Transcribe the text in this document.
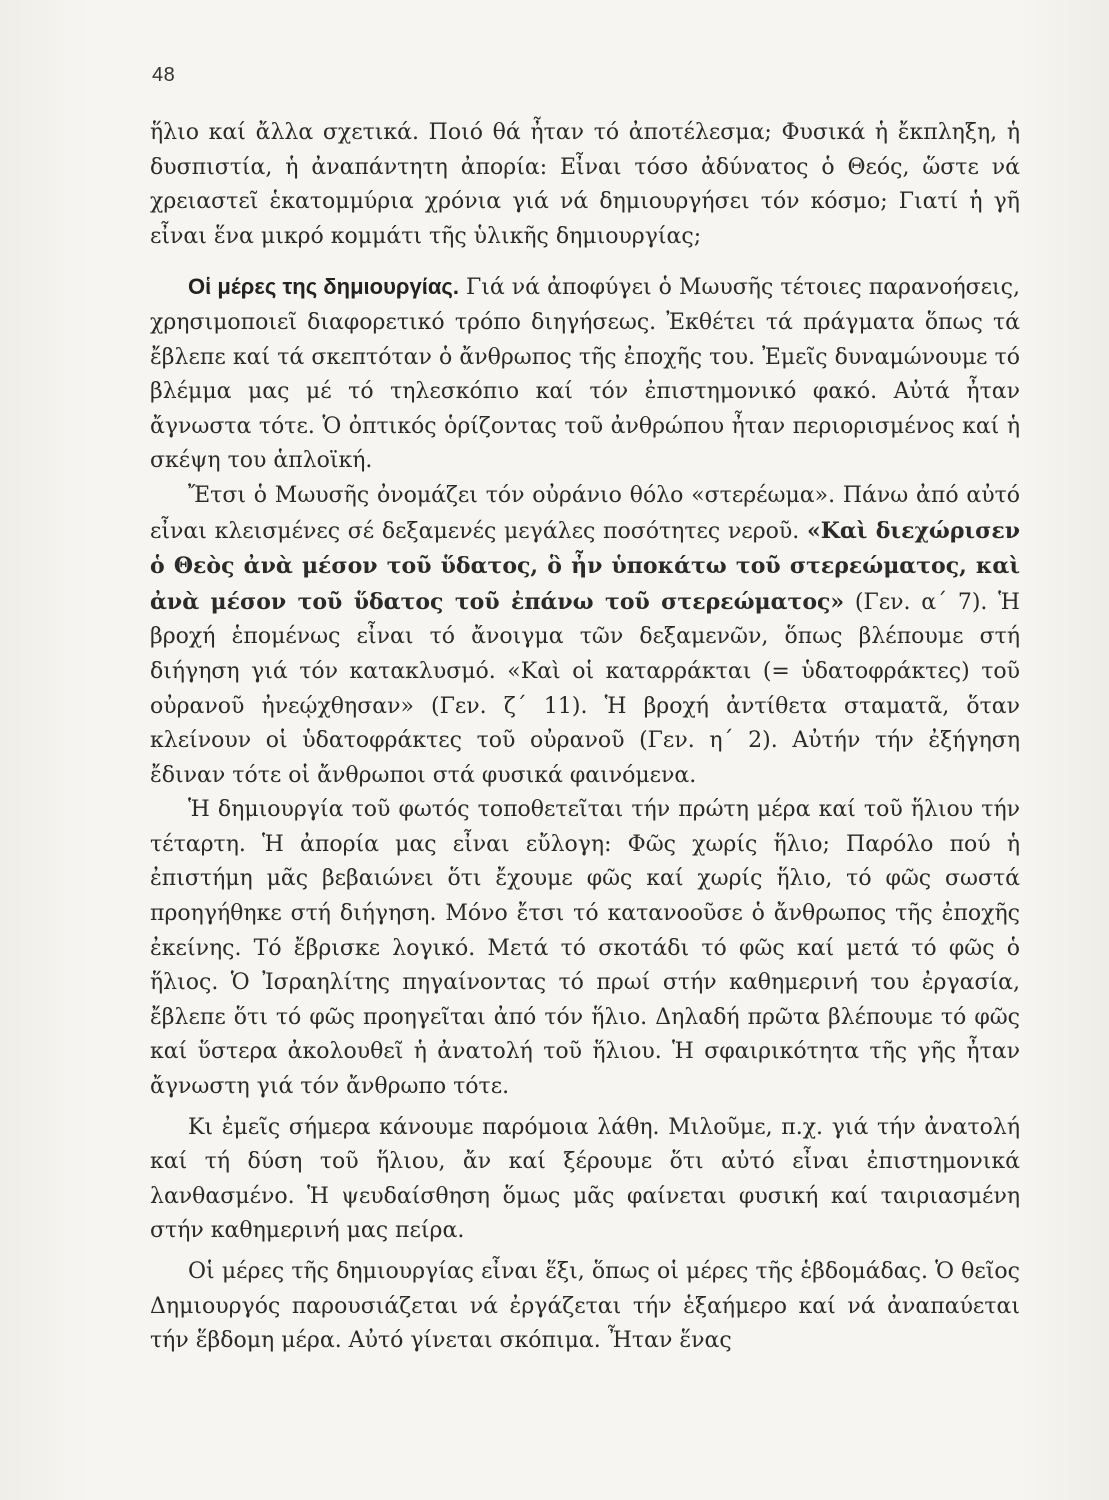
48

ἥλιο καί ἄλλα σχετικά. Ποιό θά ἦταν τό ἀποτέλεσμα; Φυσικά ἡ ἔκπληξη, ἡ δυσπιστία, ἡ ἀναπάντητη ἀπορία: Εἶναι τόσο ἀδύνατος ὁ Θεός, ὥστε νά χρειαστεῖ ἑκατομμύρια χρόνια γιά νά δημιουργήσει τόν κόσμο; Γιατί ἡ γῆ εἶναι ἕνα μικρό κομμάτι τῆς ὑλικῆς δημιουργίας;

Οἱ μέρες της δημιουργίας. Γιά νά ἀποφύγει ὁ Μωυσῆς τέτοιες παρανοήσεις, χρησιμοποιεῖ διαφορετικό τρόπο διηγήσεως. Ἐκθέτει τά πράγματα ὅπως τά ἔβλεπε καί τά σκεπτόταν ὁ ἄνθρωπος τῆς ἐποχῆς του. Ἐμεῖς δυναμώνουμε τό βλέμμα μας μέ τό τηλεσκόπιο καί τόν ἐπιστημονικό φακό. Αὐτά ἦταν ἄγνωστα τότε. Ὁ ὀπτικός ὁρίζοντας τοῦ ἀνθρώπου ἦταν περιορισμένος καί ἡ σκέψη του ἁπλοϊκή.

Ἔτσι ὁ Μωυσῆς ὀνομάζει τόν οὐράνιο θόλο «στερέωμα». Πάνω ἀπό αὐτό εἶναι κλεισμένες σέ δεξαμενές μεγάλες ποσότητες νεροῦ. «Καὶ διεχώρισεν ὁ Θεὸς ἀνὰ μέσον τοῦ ὕδατος, ὃ ἦν ὑποκάτω τοῦ στερεώματος, καὶ ἀνὰ μέσον τοῦ ὕδατος τοῦ ἐπάνω τοῦ στερεώματος» (Γεν. α΄ 7). Ἡ βροχή ἑπομένως εἶναι τό ἄνοιγμα τῶν δεξαμενῶν, ὅπως βλέπουμε στή διήγηση γιά τόν κατακλυσμό. «Καὶ οἱ καταρράκται (= ὑδατοφράκτες) τοῦ οὐρανοῦ ἠνεῴχθησαν» (Γεν. ζ΄ 11). Ἡ βροχή ἀντίθετα σταματᾶ, ὅταν κλείνουν οἱ ὑδατοφράκτες τοῦ οὐρανοῦ (Γεν. η΄ 2). Αὐτήν τήν ἐξήγηση ἔδιναν τότε οἱ ἄνθρωποι στά φυσικά φαινόμενα.

Ἡ δημιουργία τοῦ φωτός τοποθετεῖται τήν πρώτη μέρα καί τοῦ ἥλιου τήν τέταρτη. Ἡ ἀπορία μας εἶναι εὔλογη: Φῶς χωρίς ἥλιο; Παρόλο πού ἡ ἐπιστήμη μᾶς βεβαιώνει ὅτι ἔχουμε φῶς καί χωρίς ἥλιο, τό φῶς σωστά προηγήθηκε στή διήγηση. Μόνο ἔτσι τό κατανοοῦσε ὁ ἄνθρωπος τῆς ἐποχῆς ἐκείνης. Τό ἔβρισκε λογικό. Μετά τό σκοτάδι τό φῶς καί μετά τό φῶς ὁ ἥλιος. Ὁ Ἰσραηλίτης πηγαίνοντας τό πρωί στήν καθημερινή του ἐργασία, ἔβλεπε ὅτι τό φῶς προηγεῖται ἀπό τόν ἥλιο. Δηλαδή πρῶτα βλέπουμε τό φῶς καί ὕστερα ἀκολουθεῖ ἡ ἀνατολή τοῦ ἥλιου. Ἡ σφαιρικότητα τῆς γῆς ἦταν ἄγνωστη γιά τόν ἄνθρωπο τότε.

Κι ἐμεῖς σήμερα κάνουμε παρόμοια λάθη. Μιλοῦμε, π.χ. γιά τήν ἀνατολή καί τή δύση τοῦ ἥλιου, ἄν καί ξέρουμε ὅτι αὐτό εἶναι ἐπιστημονικά λανθασμένο. Ἡ ψευδαίσθηση ὅμως μᾶς φαίνεται φυσική καί ταιριασμένη στήν καθημερινή μας πείρα.

Οἱ μέρες τῆς δημιουργίας εἶναι ἕξι, ὅπως οἱ μέρες τῆς ἑβδομάδας. Ὁ θεῖος Δημιουργός παρουσιάζεται νά ἐργάζεται τήν ἑξαήμερο καί νά ἀναπαύεται τήν ἕβδομη μέρα. Αὐτό γίνεται σκόπιμα. Ἦταν ἕνας
